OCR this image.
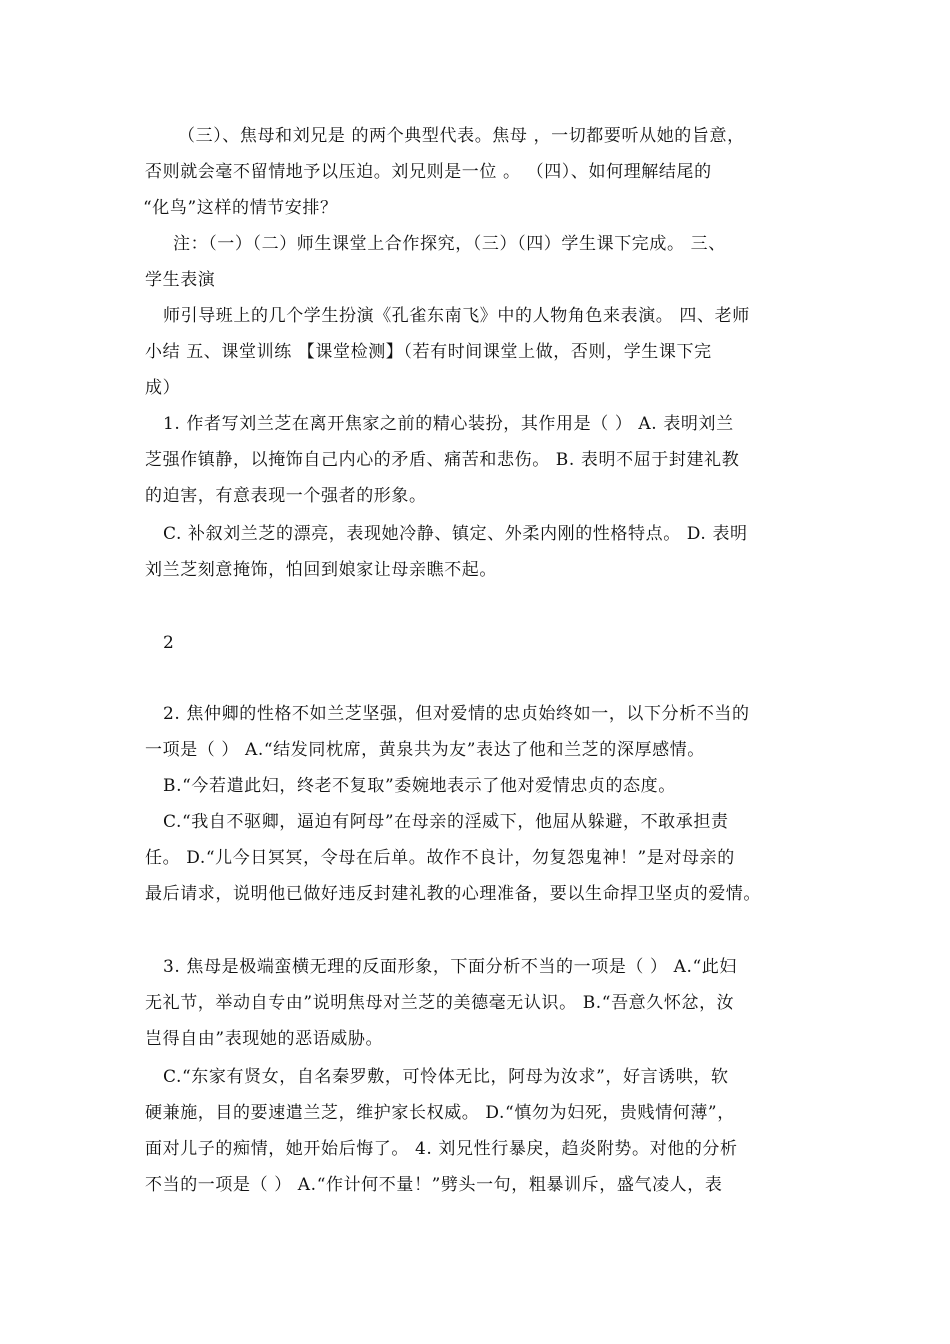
（三）、焦母和刘兄是 的两个典型代表。焦母 ，一切都要听从她的旨意，
否则就会毫不留情地予以压迫。刘兄则是一位 。 （四）、如何理解结尾的
“化鸟”这样的情节安排？
注：（一）（二）师生课堂上合作探究，（三）（四）学生课下完成。 三、
学生表演
师引导班上的几个学生扮演《孔雀东南飞》中的人物角色来表演。 四、老师
小结 五、课堂训练 【课堂检测】（若有时间课堂上做，否则，学生课下完
成）
1. 作者写刘兰芝在离开焦家之前的精心装扮，其作用是（ ） A. 表明刘兰
芝强作镇静，以掩饰自己内心的矛盾、痛苦和悲伤。 B. 表明不屈于封建礼教
的迫害，有意表现一个强者的形象。
C. 补叙刘兰芝的漂亮，表现她冷静、镇定、外柔内刚的性格特点。 D. 表明
刘兰芝刻意掩饰，怕回到娘家让母亲瞧不起。
2
2. 焦仲卿的性格不如兰芝坚强，但对爱情的忠贞始终如一，以下分析不当的
一项是（ ） A.“结发同枕席，黄泉共为友”表达了他和兰芝的深厚感情。
B.“今若遣此妇，终老不复取”委婉地表示了他对爱情忠贞的态度。
C.“我自不驱卿，逼迫有阿母”在母亲的淫威下，他屈从躲避，不敢承担责
任。 D.“儿今日冥冥，令母在后单。故作不良计，勿复怨鬼神！”是对母亲的
最后请求，说明他已做好违反封建礼教的心理准备，要以生命捍卫坚贞的爱情。
3. 焦母是极端蛮横无理的反面形象，下面分析不当的一项是（ ） A.“此妇
无礼节，举动自专由”说明焦母对兰芝的美德毫无认识。 B.“吾意久怀忿，汝
岂得自由”表现她的恶语威胁。
C.“东家有贤女，自名秦罗敷，可怜体无比，阿母为汝求”，好言诱哄，软
硬兼施，目的要速遣兰芝，维护家长权威。 D.“慎勿为妇死，贵贱情何薄”，
面对儿子的痴情，她开始后悔了。 4. 刘兄性行暴戾，趋炎附势。对他的分析
不当的一项是（ ） A.“作计何不量！”劈头一句，粗暴训斥，盛气凌人，表
